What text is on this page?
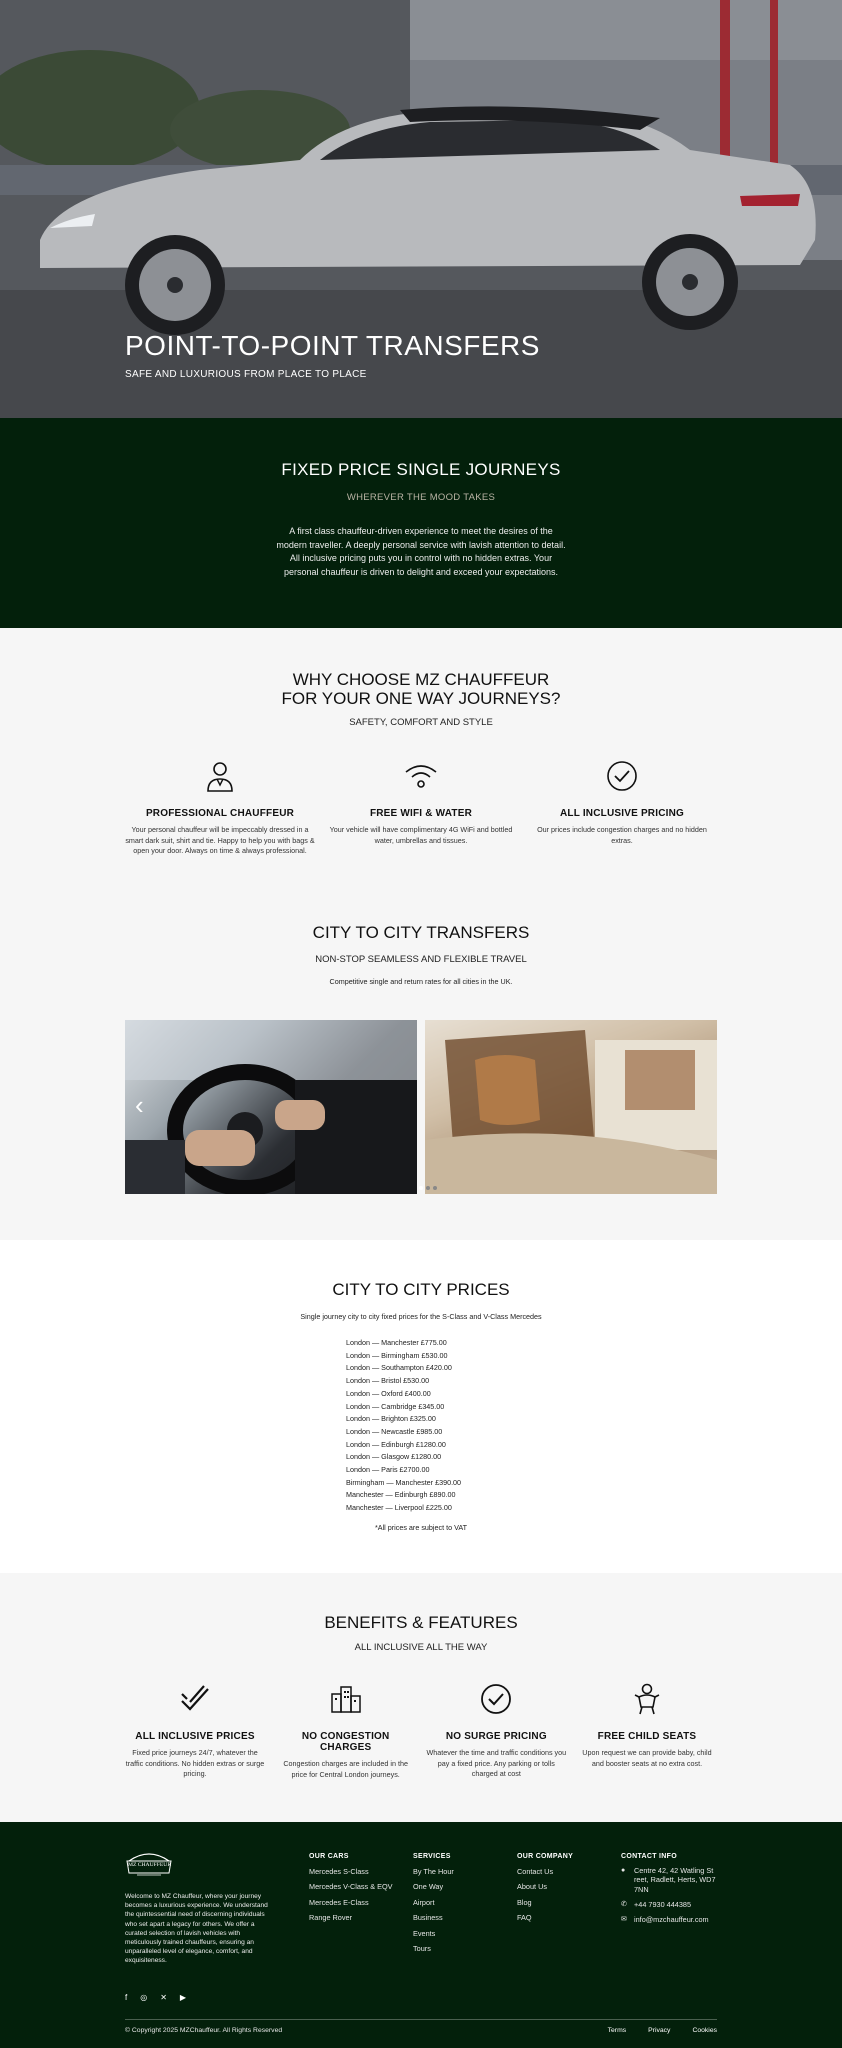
POINT-TO-POINT TRANSFERS
SAFE AND LUXURIOUS FROM PLACE TO PLACE
FIXED PRICE SINGLE JOURNEYS
WHEREVER THE MOOD TAKES

A first class chauffeur-driven experience to meet the desires of the modern traveller. A deeply personal service with lavish attention to detail. All inclusive pricing puts you in control with no hidden extras. Your personal chauffeur is driven to delight and exceed your expectations.

WHY CHOOSE MZ CHAUFFEUR
FOR YOUR ONE WAY JOURNEYS?
SAFETY, COMFORT AND STYLE
PROFESSIONAL CHAUFFEUR

Your personal chauffeur will be impeccably dressed in a smart dark suit, shirt and tie. Happy to help you with bags & open your door. Always on time & always professional.

FREE WIFI & WATER

Your vehicle will have complimentary 4G WiFi and bottled water, umbrellas and tissues.

ALL INCLUSIVE PRICING

Our prices include congestion charges and no hidden extras.

CITY TO CITY TRANSFERS
NON-STOP SEAMLESS AND FLEXIBLE TRAVEL
Competitive single and return rates for all cities in the UK.
‹
CITY TO CITY PRICES
Single journey city to city fixed prices for the S-Class and V-Class Mercedes
London — Manchester £775.00
London — Birmingham £530.00
London — Southampton £420.00
London — Bristol £530.00
London — Oxford £400.00
London — Cambridge £345.00
London — Brighton £325.00
London — Newcastle £985.00
London — Edinburgh £1280.00
London — Glasgow £1280.00
London — Paris £2700.00
Birmingham — Manchester £390.00
Manchester — Edinburgh £890.00
Manchester — Liverpool £225.00
*All prices are subject to VAT
BENEFITS & FEATURES
ALL INCLUSIVE ALL THE WAY
ALL INCLUSIVE PRICES

Fixed price journeys 24/7, whatever the traffic conditions. No hidden extras or surge pricing.

NO CONGESTION CHARGES

Congestion charges are included in the price for Central London journeys.

NO SURGE PRICING

Whatever the time and traffic conditions you pay a fixed price. Any parking or tolls charged at cost

FREE CHILD SEATS

Upon request we can provide baby, child and booster seats at no extra cost.

MZ CHAUFFEUR

Welcome to MZ Chauffeur, where your journey becomes a luxurious experience. We understand the quintessential need of discerning individuals who set apart a legacy for others. We offer a curated selection of lavish vehicles with meticulously trained chauffeurs, ensuring an unparalleled level of elegance, comfort, and exquisiteness.

f ◎ ✕ ▶
OUR CARS
Mercedes S-Class
Mercedes V-Class & EQV
Mercedes E-Class
Range Rover
SERVICES
By The Hour
One Way
Airport
Business
Events
Tours
OUR COMPANY
Contact Us
About Us
Blog
FAQ
CONTACT INFO
●	Centre 42, 42 Watling St reet, Radlett, Herts, WD7 7NN
✆ +44 7930 444385
✉ info@mzchauffeur.com
© Copyright 2025 MZChauffeur. All Rights Reserved	Terms	Privacy	Cookies
